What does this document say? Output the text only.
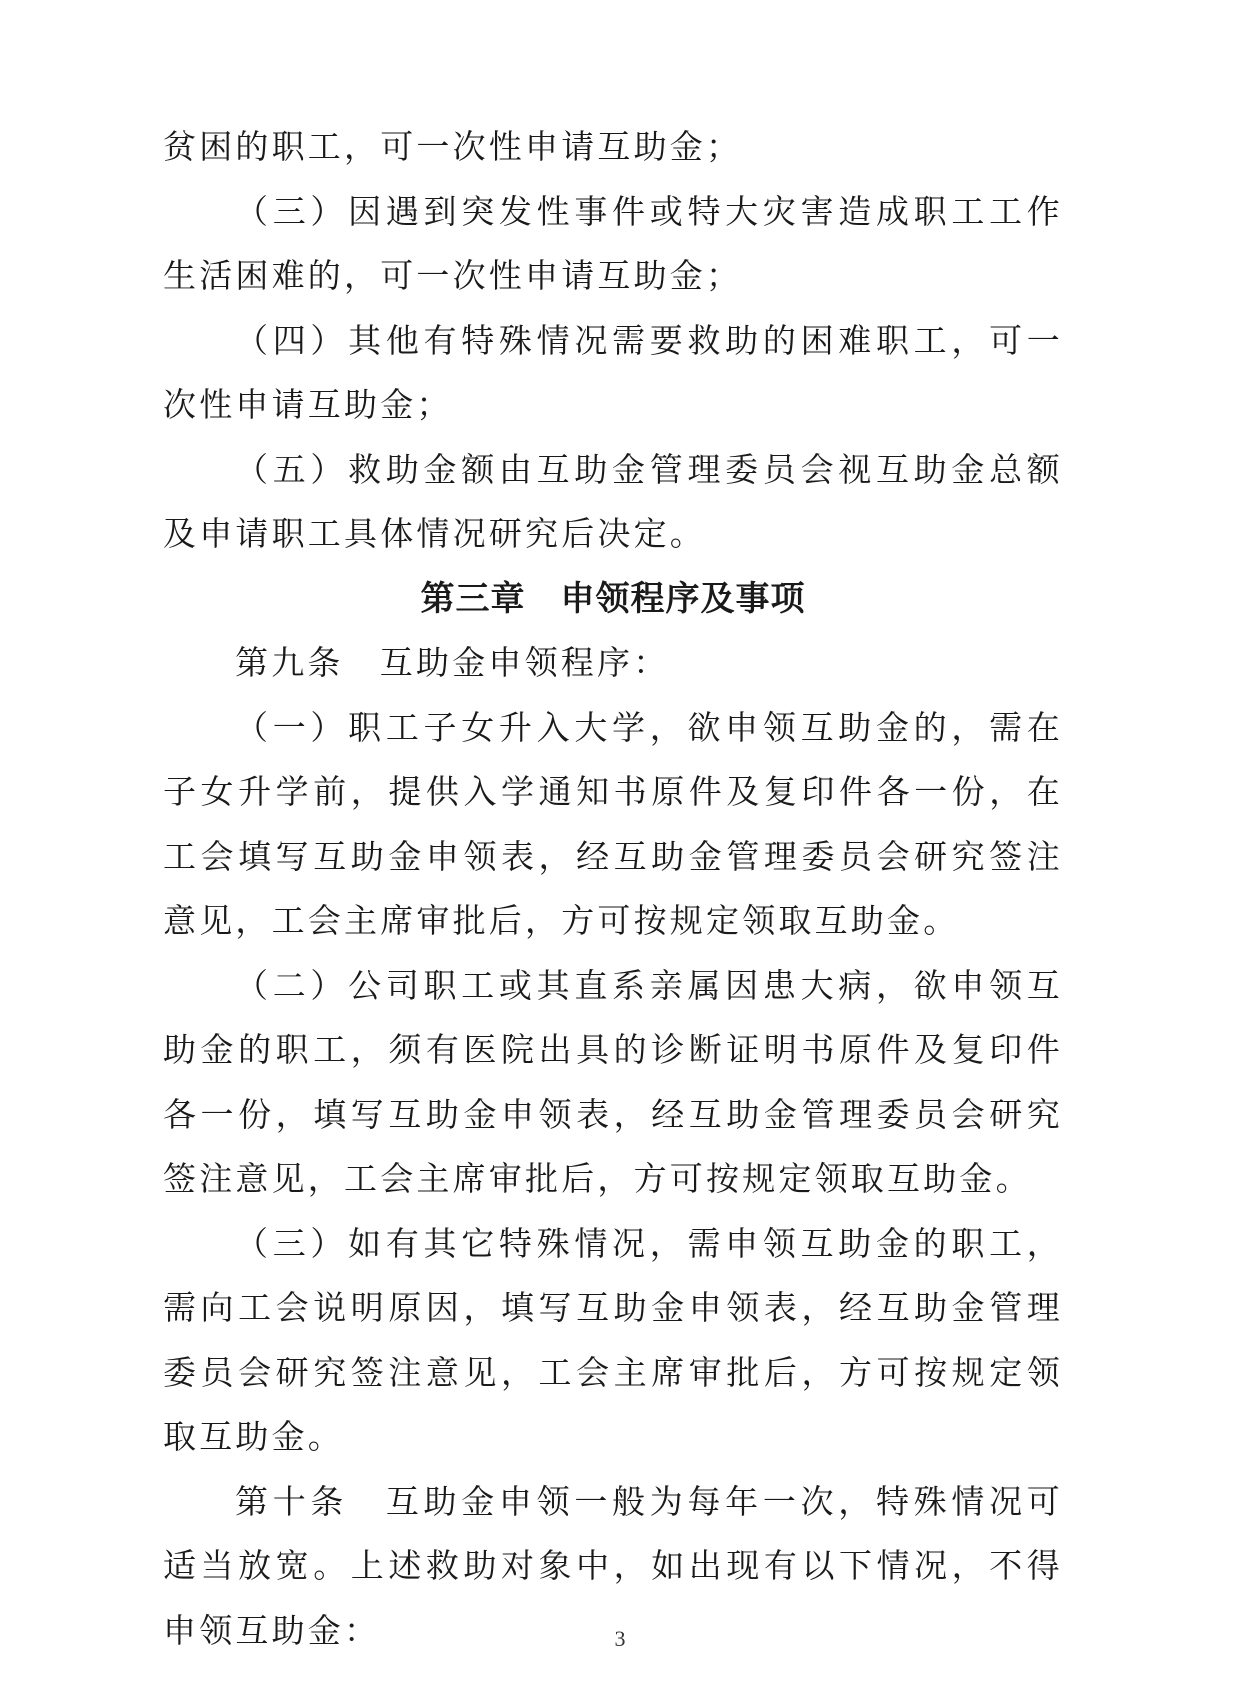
贫困的职工，可一次性申请互助金；

（三）因遇到突发性事件或特大灾害造成职工工作生活困难的，可一次性申请互助金；

（四）其他有特殊情况需要救助的困难职工，可一次性申请互助金；

（五）救助金额由互助金管理委员会视互助金总额及申请职工具体情况研究后决定。

第三章　申领程序及事项

第九条　互助金申领程序：

（一）职工子女升入大学，欲申领互助金的，需在子女升学前，提供入学通知书原件及复印件各一份，在工会填写互助金申领表，经互助金管理委员会研究签注意见，工会主席审批后，方可按规定领取互助金。

（二）公司职工或其直系亲属因患大病，欲申领互助金的职工，须有医院出具的诊断证明书原件及复印件各一份，填写互助金申领表，经互助金管理委员会研究签注意见，工会主席审批后，方可按规定领取互助金。

（三）如有其它特殊情况，需申领互助金的职工，需向工会说明原因，填写互助金申领表，经互助金管理委员会研究签注意见，工会主席审批后，方可按规定领取互助金。

第十条　互助金申领一般为每年一次，特殊情况可适当放宽。上述救助对象中，如出现有以下情况，不得申领互助金：	3
